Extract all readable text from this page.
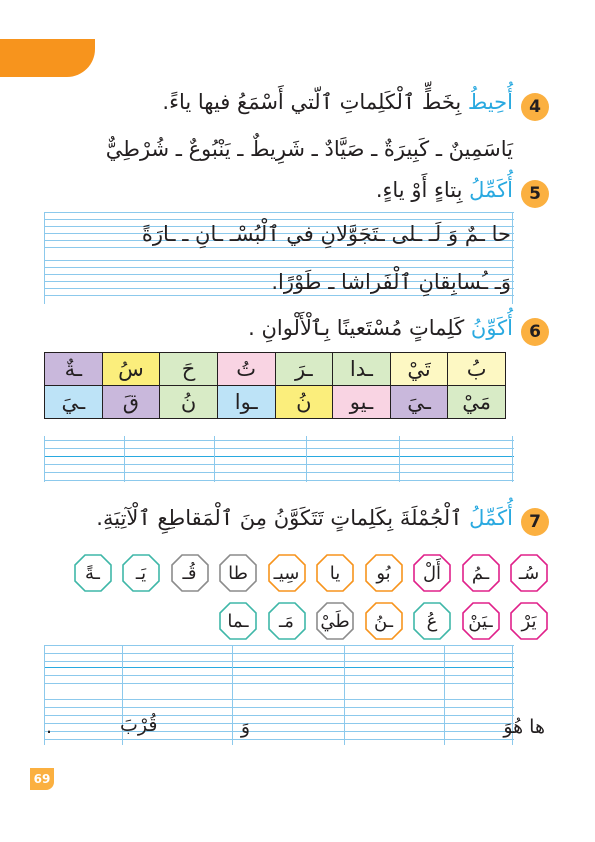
4
أُحِيطُ بِخَطٍّ ٱلْكَلِماتِ ٱلّتي أَسْمَعُ فيها ياءً.
يَاسَمِينٌ ـ كَبِيرَةٌ ـ صَيَّادٌ ـ شَرِيطٌ ـ يَنْبُوعٌ ـ شُرْطِيٌّ
5
أُكَمِّلُ بِتاءٍ أَوْ ياءٍ.
حا ـمٌ وَ لَـ ـلى ـتَجَوَّلانِ في ٱلْبُسْـ ـانِ ـ ـارَةً
وَـ ـُسابِقانِ ٱلْفَراشا ـ طَوْرًا.
6
أُكَوِّنُ كَلِماتٍ مُسْتَعينًا بِٱلْأَلْوانِ .
بُ	تَيْ	ـدا	ـرَ	تُ	حَ	سُ	ـةٌ
مَيْ	ـيَ	ـيو	نُ	ـوا	نُ	قَ	ـيَ
7
أُكَمِّلُ ٱلْجُمْلَةَ بِكَلِماتٍ تَتَكَوَّنُ مِنَ ٱلْمَقاطِعِ ٱلْآتِيَةِ.
سُـ
ـمُ
أَلْ
بُو
يا
سِيـ
طا
قُـ
يَـ
ـةً
يَرْ
ـيَنْ
عُ
ـنُ
طَيْ
مَـ
ـما
ها هُوَ
وَ
قُرْبَ
.
69
